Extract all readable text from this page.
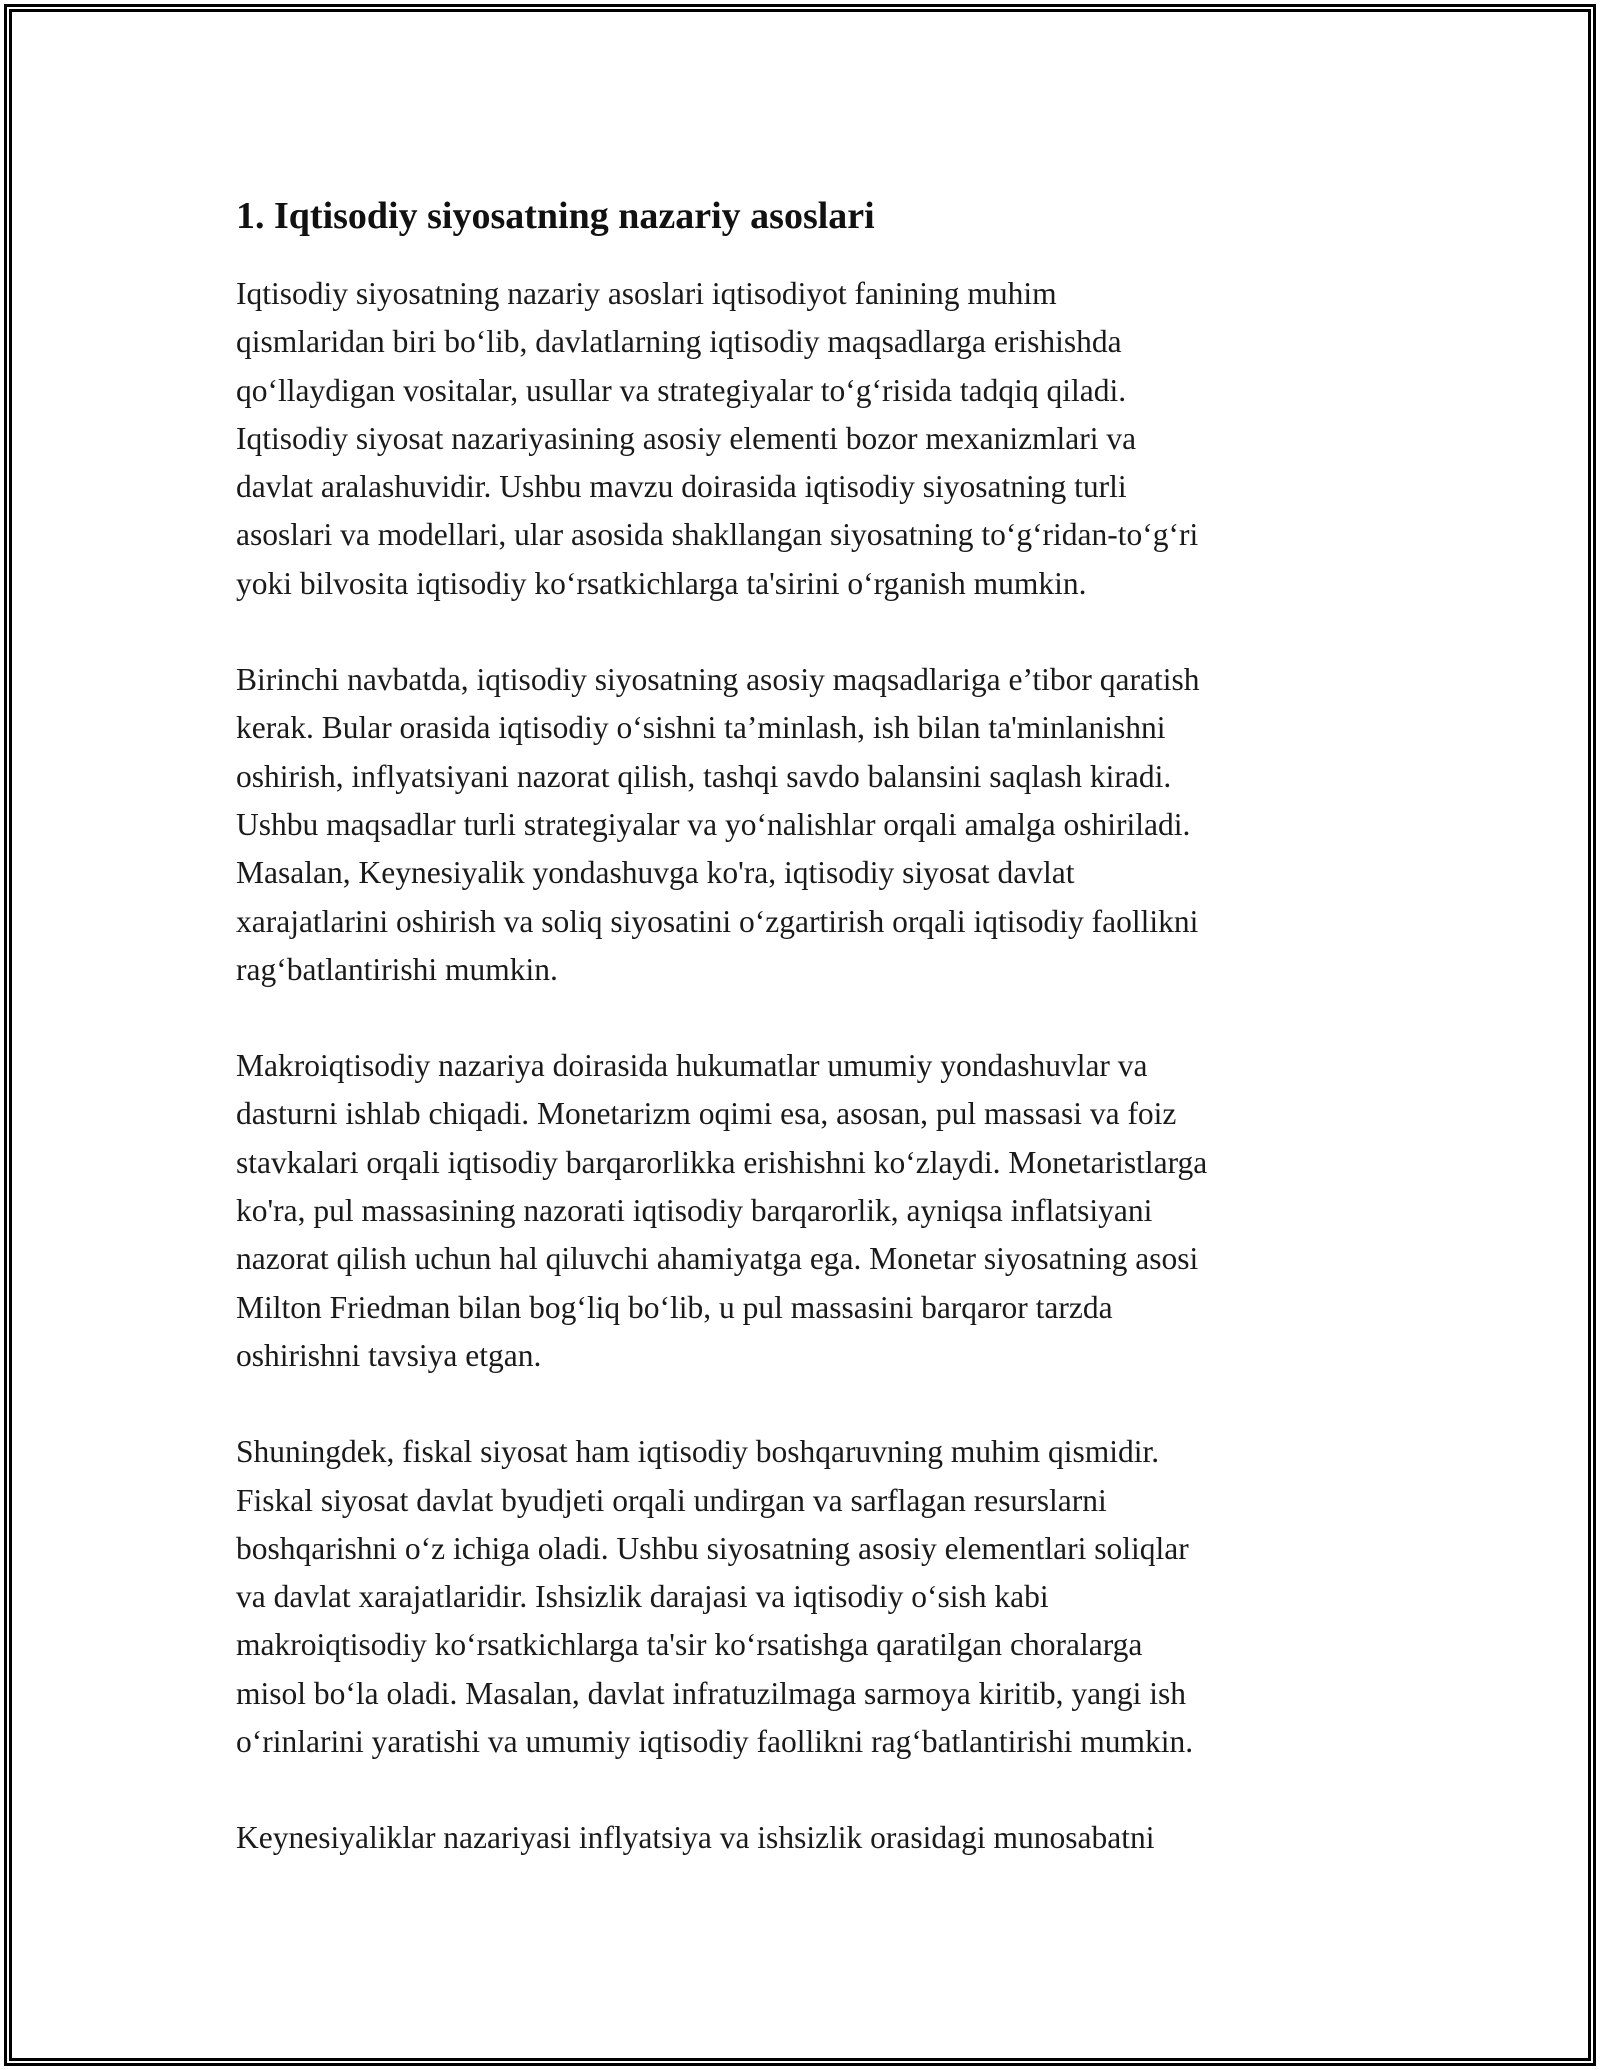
1. Iqtisodiy siyosatning nazariy asoslari

Iqtisodiy siyosatning nazariy asoslari iqtisodiyot fanining muhim
qismlaridan biri bo‘lib, davlatlarning iqtisodiy maqsadlarga erishishda
qo‘llaydigan vositalar, usullar va strategiyalar to‘g‘risida tadqiq qiladi.
Iqtisodiy siyosat nazariyasining asosiy elementi bozor mexanizmlari va
davlat aralashuvidir. Ushbu mavzu doirasida iqtisodiy siyosatning turli
asoslari va modellari, ular asosida shakllangan siyosatning to‘g‘ridan-to‘g‘ri
yoki bilvosita iqtisodiy ko‘rsatkichlarga ta'sirini o‘rganish mumkin.

Birinchi navbatda, iqtisodiy siyosatning asosiy maqsadlariga e’tibor qaratish
kerak. Bular orasida iqtisodiy o‘sishni ta’minlash, ish bilan ta'minlanishni
oshirish, inflyatsiyani nazorat qilish, tashqi savdo balansini saqlash kiradi.
Ushbu maqsadlar turli strategiyalar va yo‘nalishlar orqali amalga oshiriladi.
Masalan, Keynesiyalik yondashuvga ko'ra, iqtisodiy siyosat davlat
xarajatlarini oshirish va soliq siyosatini o‘zgartirish orqali iqtisodiy faollikni
rag‘batlantirishi mumkin.

Makroiqtisodiy nazariya doirasida hukumatlar umumiy yondashuvlar va
dasturni ishlab chiqadi. Monetarizm oqimi esa, asosan, pul massasi va foiz
stavkalari orqali iqtisodiy barqarorlikka erishishni ko‘zlaydi. Monetaristlarga
ko'ra, pul massasining nazorati iqtisodiy barqarorlik, ayniqsa inflatsiyani
nazorat qilish uchun hal qiluvchi ahamiyatga ega. Monetar siyosatning asosi
Milton Friedman bilan bog‘liq bo‘lib, u pul massasini barqaror tarzda
oshirishni tavsiya etgan.

Shuningdek, fiskal siyosat ham iqtisodiy boshqaruvning muhim qismidir.
Fiskal siyosat davlat byudjeti orqali undirgan va sarflagan resurslarni
boshqarishni o‘z ichiga oladi. Ushbu siyosatning asosiy elementlari soliqlar
va davlat xarajatlaridir. Ishsizlik darajasi va iqtisodiy o‘sish kabi
makroiqtisodiy ko‘rsatkichlarga ta'sir ko‘rsatishga qaratilgan choralarga
misol bo‘la oladi. Masalan, davlat infratuzilmaga sarmoya kiritib, yangi ish
o‘rinlarini yaratishi va umumiy iqtisodiy faollikni rag‘batlantirishi mumkin.

Keynesiyaliklar nazariyasi inflyatsiya va ishsizlik orasidagi munosabatni
